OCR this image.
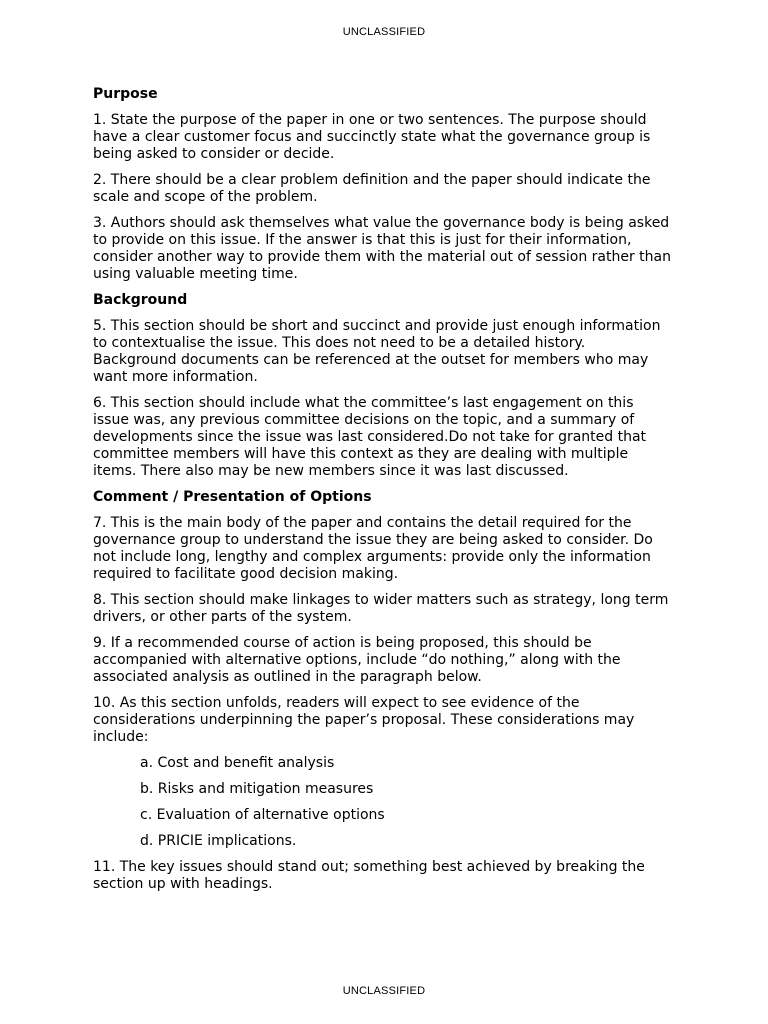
UNCLASSIFIED
Purpose

1. State the purpose of the paper in one or two sentences. The purpose should have a clear customer focus and succinctly state what the governance group is being asked to consider or decide.

2. There should be a clear problem definition and the paper should indicate the scale and scope of the problem.

3. Authors should ask themselves what value the governance body is being asked to provide on this issue. If the answer is that this is just for their information, consider another way to provide them with the material out of session rather than using valuable meeting time.

Background

5. This section should be short and succinct and provide just enough information to contextualise the issue. This does not need to be a detailed history. Background documents can be referenced at the outset for members who may want more information.

6. This section should include what the committee’s last engagement on this issue was, any previous committee decisions on the topic, and a summary of developments since the issue was last considered.Do not take for granted that committee members will have this context as they are dealing with multiple items. There also may be new members since it was last discussed.

Comment / Presentation of Options

7. This is the main body of the paper and contains the detail required for the governance group to understand the issue they are being asked to consider. Do not include long, lengthy and complex arguments: provide only the information required to facilitate good decision making.

8. This section should make linkages to wider matters such as strategy, long term drivers, or other parts of the system.

9. If a recommended course of action is being proposed, this should be accompanied with alternative options, include “do nothing,” along with the associated analysis as outlined in the paragraph below.

10. As this section unfolds, readers will expect to see evidence of the considerations underpinning the paper’s proposal. These considerations may include:

a. Cost and benefit analysis

b. Risks and mitigation measures

c. Evaluation of alternative options

d. PRICIE implications.

11. The key issues should stand out; something best achieved by breaking the section up with headings.

UNCLASSIFIED
